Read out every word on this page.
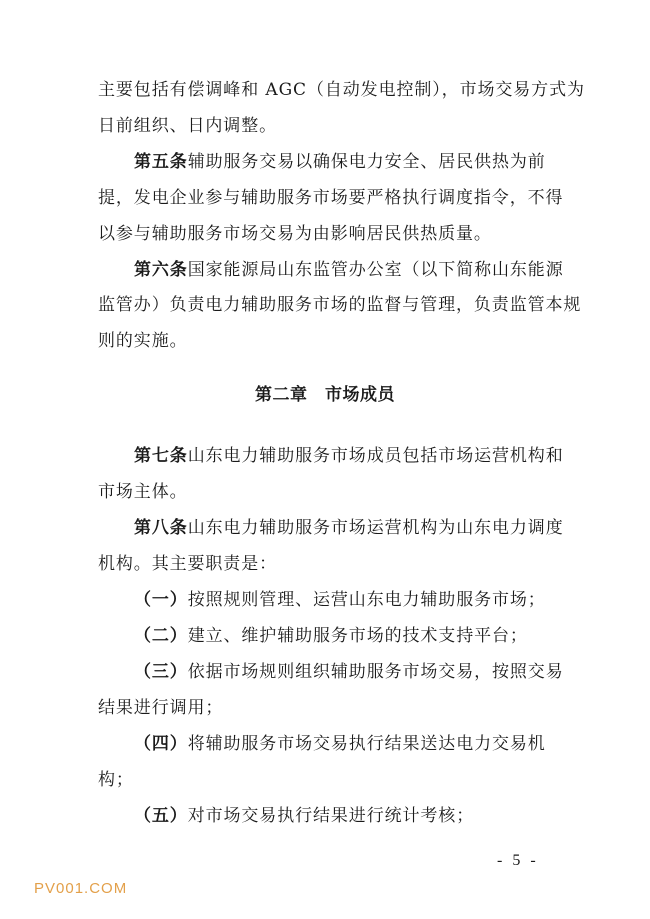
主要包括有偿调峰和 AGC（自动发电控制），市场交易方式为
日前组织、日内调整。
第五条辅助服务交易以确保电力安全、居民供热为前
提，发电企业参与辅助服务市场要严格执行调度指令，不得
以参与辅助服务市场交易为由影响居民供热质量。
第六条国家能源局山东监管办公室（以下简称山东能源
监管办）负责电力辅助服务市场的监督与管理，负责监管本规
则的实施。
第二章　市场成员
第七条山东电力辅助服务市场成员包括市场运营机构和
市场主体。
第八条山东电力辅助服务市场运营机构为山东电力调度
机构。其主要职责是：
（一）按照规则管理、运营山东电力辅助服务市场；
（二）建立、维护辅助服务市场的技术支持平台；
（三）依据市场规则组织辅助服务市场交易，按照交易
结果进行调用；
（四）将辅助服务市场交易执行结果送达电力交易机
构；
（五）对市场交易执行结果进行统计考核；
- 5 -
PV001.COM
